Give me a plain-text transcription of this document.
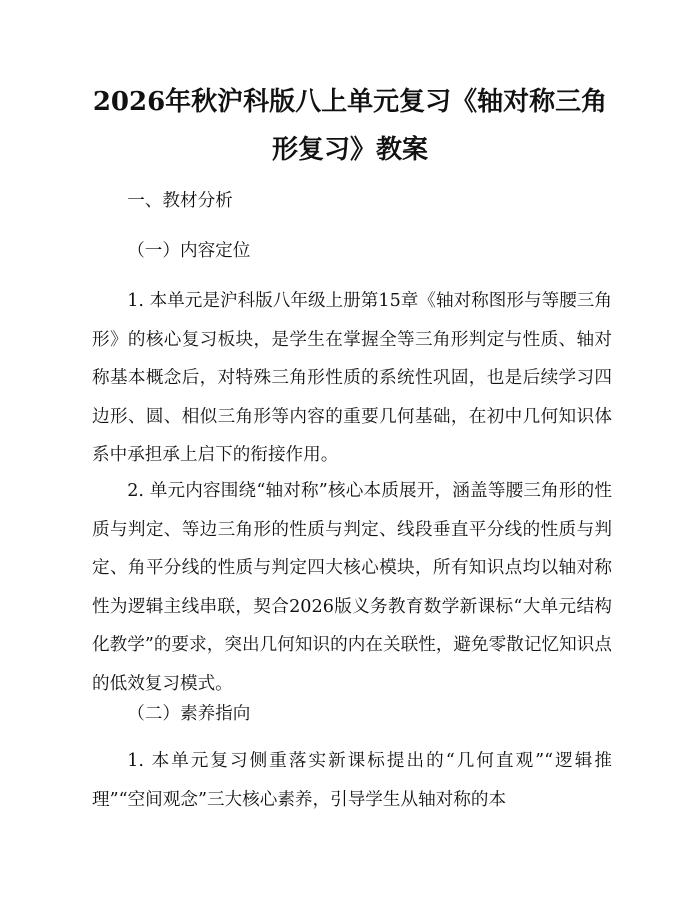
2026年秋沪科版八上单元复习《轴对称三角形复习》教案

一、教材分析

（一）内容定位

1. 本单元是沪科版八年级上册第15章《轴对称图形与等腰三角形》的核心复习板块，是学生在掌握全等三角形判定与性质、轴对称基本概念后，对特殊三角形性质的系统性巩固，也是后续学习四边形、圆、相似三角形等内容的重要几何基础，在初中几何知识体系中承担承上启下的衔接作用。

2. 单元内容围绕“轴对称”核心本质展开，涵盖等腰三角形的性质与判定、等边三角形的性质与判定、线段垂直平分线的性质与判定、角平分线的性质与判定四大核心模块，所有知识点均以轴对称性为逻辑主线串联，契合2026版义务教育数学新课标“大单元结构化教学”的要求，突出几何知识的内在关联性，避免零散记忆知识点的低效复习模式。

（二）素养指向

1. 本单元复习侧重落实新课标提出的“几何直观”“逻辑推理”“空间观念”三大核心素养，引导学生从轴对称的本
